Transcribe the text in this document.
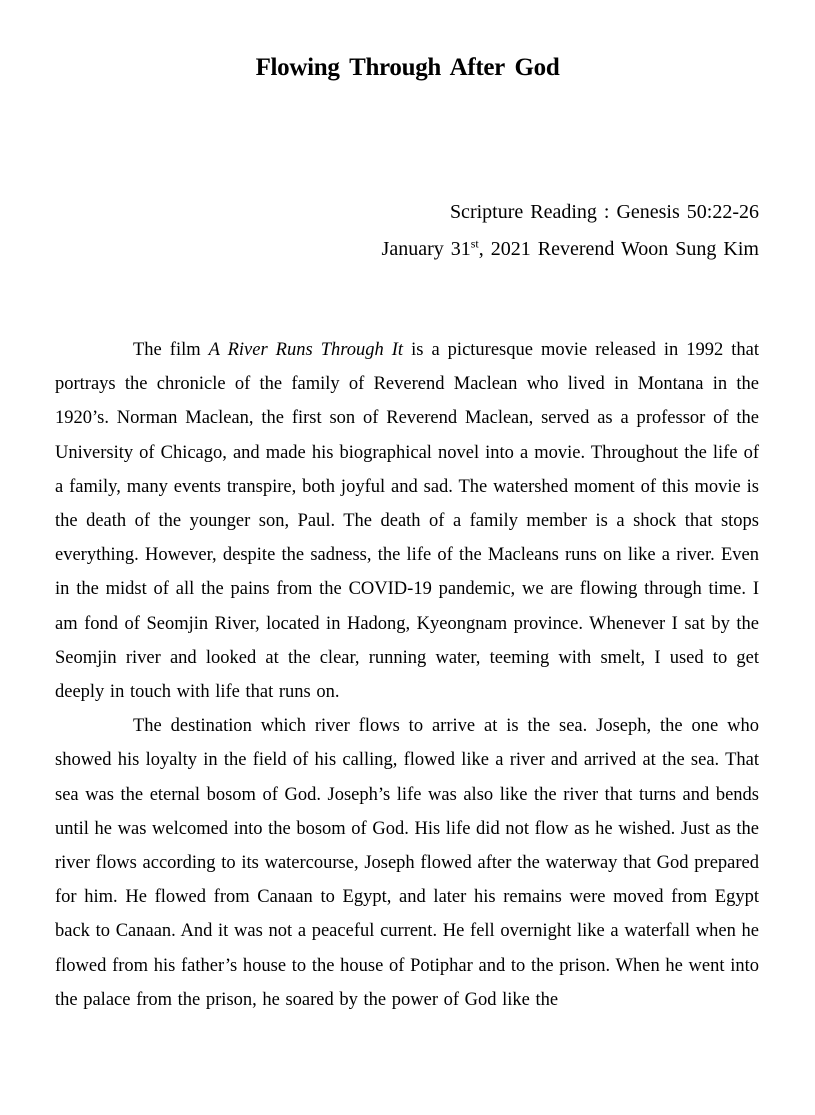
Flowing Through After God
Scripture Reading : Genesis 50:22-26
January 31st, 2021 Reverend Woon Sung Kim

The film A River Runs Through It is a picturesque movie released in 1992 that portrays the chronicle of the family of Reverend Maclean who lived in Montana in the 1920’s. Norman Maclean, the first son of Reverend Maclean, served as a professor of the University of Chicago, and made his biographical novel into a movie. Throughout the life of a family, many events transpire, both joyful and sad. The watershed moment of this movie is the death of the younger son, Paul. The death of a family member is a shock that stops everything. However, despite the sadness, the life of the Macleans runs on like a river. Even in the midst of all the pains from the COVID-19 pandemic, we are flowing through time. I am fond of Seomjin River, located in Hadong, Kyeongnam province. Whenever I sat by the Seomjin river and looked at the clear, running water, teeming with smelt, I used to get deeply in touch with life that runs on.

The destination which river flows to arrive at is the sea. Joseph, the one who showed his loyalty in the field of his calling, flowed like a river and arrived at the sea. That sea was the eternal bosom of God. Joseph’s life was also like the river that turns and bends until he was welcomed into the bosom of God. His life did not flow as he wished. Just as the river flows according to its watercourse, Joseph flowed after the waterway that God prepared for him. He flowed from Canaan to Egypt, and later his remains were moved from Egypt back to Canaan. And it was not a peaceful current. He fell overnight like a waterfall when he flowed from his father’s house to the house of Potiphar and to the prison. When he went into the palace from the prison, he soared by the power of God like the
